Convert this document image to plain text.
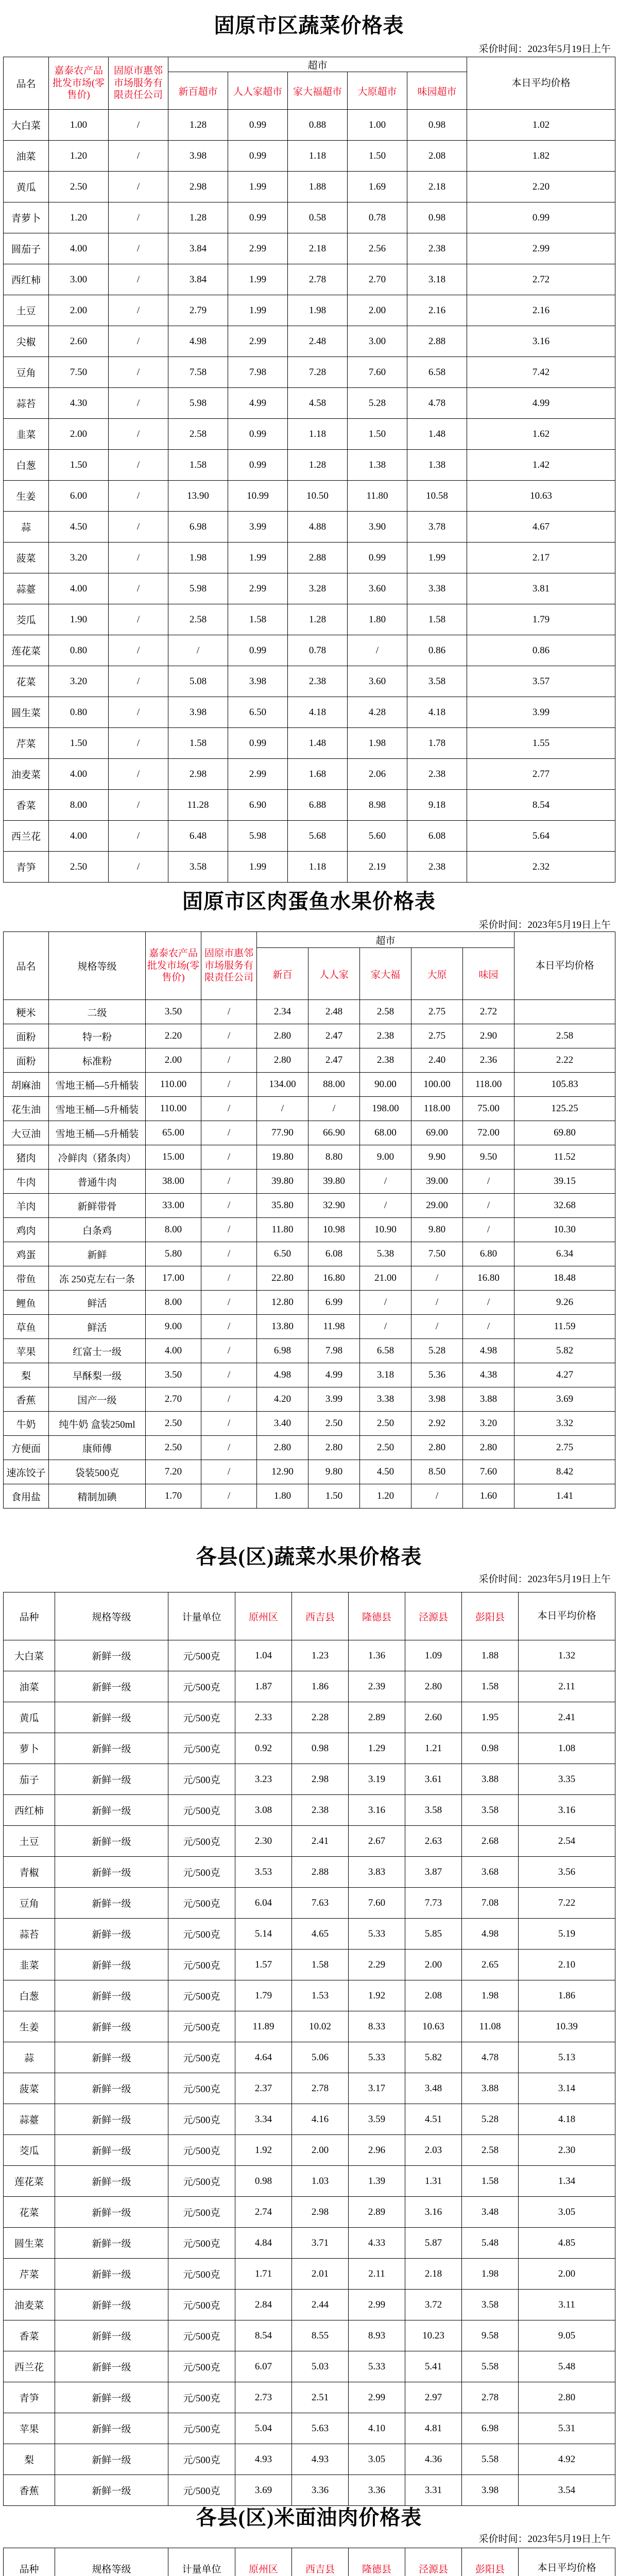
固原市区蔬菜价格表
采价时间：2023年5月19日上午
品名	嘉泰农产品批发市场(零售价)	固原市惠邻市场服务有限责任公司	超市					本日平均价格
			新百超市	人人家超市	家大福超市	大原超市	味园超市	
大白菜	1.00	/	1.28	0.99	0.88	1.00	0.98	1.02
油菜	1.20	/	3.98	0.99	1.18	1.50	2.08	1.82
黄瓜	2.50	/	2.98	1.99	1.88	1.69	2.18	2.20
青萝卜	1.20	/	1.28	0.99	0.58	0.78	0.98	0.99
圆茄子	4.00	/	3.84	2.99	2.18	2.56	2.38	2.99
西红柿	3.00	/	3.84	1.99	2.78	2.70	3.18	2.72
土豆	2.00	/	2.79	1.99	1.98	2.00	2.16	2.16
尖椒	2.60	/	4.98	2.99	2.48	3.00	2.88	3.16
豆角	7.50	/	7.58	7.98	7.28	7.60	6.58	7.42
蒜苔	4.30	/	5.98	4.99	4.58	5.28	4.78	4.99
韭菜	2.00	/	2.58	0.99	1.18	1.50	1.48	1.62
白葱	1.50	/	1.58	0.99	1.28	1.38	1.38	1.42
生姜	6.00	/	13.90	10.99	10.50	11.80	10.58	10.63
蒜	4.50	/	6.98	3.99	4.88	3.90	3.78	4.67
菠菜	3.20	/	1.98	1.99	2.88	0.99	1.99	2.17
蒜薹	4.00	/	5.98	2.99	3.28	3.60	3.38	3.81
茭瓜	1.90	/	2.58	1.58	1.28	1.80	1.58	1.79
莲花菜	0.80	/	/	0.99	0.78	/	0.86	0.86
花菜	3.20	/	5.08	3.98	2.38	3.60	3.58	3.57
圆生菜	0.80	/	3.98	6.50	4.18	4.28	4.18	3.99
芹菜	1.50	/	1.58	0.99	1.48	1.98	1.78	1.55
油麦菜	4.00	/	2.98	2.99	1.68	2.06	2.38	2.77
香菜	8.00	/	11.28	6.90	6.88	8.98	9.18	8.54
西兰花	4.00	/	6.48	5.98	5.68	5.60	6.08	5.64
青笋	2.50	/	3.58	1.99	1.18	2.19	2.38	2.32
固原市区肉蛋鱼水果价格表
采价时间：2023年5月19日上午
品名	规格等级	嘉泰农产品批发市场(零售价)	固原市惠邻市场服务有限责任公司	超市					本日平均价格
				新百	人人家	家大福	大原	味园	
粳米	二级	3.50	/	2.34	2.48	2.58	2.75	2.72	
面粉	特一粉	2.20	/	2.80	2.47	2.38	2.75	2.90	2.58
面粉	标准粉	2.00	/	2.80	2.47	2.38	2.40	2.36	2.22
胡麻油	雪地王桶—5升桶装	110.00	/	134.00	88.00	90.00	100.00	118.00	105.83
花生油	雪地王桶—5升桶装	110.00	/	/	/	198.00	118.00	75.00	125.25
大豆油	雪地王桶—5升桶装	65.00	/	77.90	66.90	68.00	69.00	72.00	69.80
猪肉	冷鲜肉（猪条肉）	15.00	/	19.80	8.80	9.00	9.90	9.50	11.52
牛肉	普通牛肉	38.00	/	39.80	39.80	/	39.00	/	39.15
羊肉	新鲜带骨	33.00	/	35.80	32.90	/	29.00	/	32.68
鸡肉	白条鸡	8.00	/	11.80	10.98	10.90	9.80	/	10.30
鸡蛋	新鲜	5.80	/	6.50	6.08	5.38	7.50	6.80	6.34
带鱼	冻 250克左右一条	17.00	/	22.80	16.80	21.00	/	16.80	18.48
鲤鱼	鲜活	8.00	/	12.80	6.99	/	/	/	9.26
草鱼	鲜活	9.00	/	13.80	11.98	/	/	/	11.59
苹果	红富士一级	4.00	/	6.98	7.98	6.58	5.28	4.98	5.82
梨	早酥梨一级	3.50	/	4.98	4.99	3.18	5.36	4.38	4.27
香蕉	国产一级	2.70	/	4.20	3.99	3.38	3.98	3.88	3.69
牛奶	纯牛奶 盒装250ml	2.50	/	3.40	2.50	2.50	2.92	3.20	3.32
方便面	康师傅	2.50	/	2.80	2.80	2.50	2.80	2.80	2.75
速冻饺子	袋装500克	7.20	/	12.90	9.80	4.50	8.50	7.60	8.42
食用盐	精制加碘	1.70	/	1.80	1.50	1.20	/	1.60	1.41
各县(区)蔬菜水果价格表
采价时间：2023年5月19日上午
品种	规格等级	计量单位	原州区	西吉县	隆德县	泾源县	彭阳县	本日平均价格
大白菜	新鲜一级	元/500克	1.04	1.23	1.36	1.09	1.88	1.32
油菜	新鲜一级	元/500克	1.87	1.86	2.39	2.80	1.58	2.11
黄瓜	新鲜一级	元/500克	2.33	2.28	2.89	2.60	1.95	2.41
萝卜	新鲜一级	元/500克	0.92	0.98	1.29	1.21	0.98	1.08
茄子	新鲜一级	元/500克	3.23	2.98	3.19	3.61	3.88	3.35
西红柿	新鲜一级	元/500克	3.08	2.38	3.16	3.58	3.58	3.16
土豆	新鲜一级	元/500克	2.30	2.41	2.67	2.63	2.68	2.54
青椒	新鲜一级	元/500克	3.53	2.88	3.83	3.87	3.68	3.56
豆角	新鲜一级	元/500克	6.04	7.63	7.60	7.73	7.08	7.22
蒜苔	新鲜一级	元/500克	5.14	4.65	5.33	5.85	4.98	5.19
韭菜	新鲜一级	元/500克	1.57	1.58	2.29	2.00	2.65	2.10
白葱	新鲜一级	元/500克	1.79	1.53	1.92	2.08	1.98	1.86
生姜	新鲜一级	元/500克	11.89	10.02	8.33	10.63	11.08	10.39
蒜	新鲜一级	元/500克	4.64	5.06	5.33	5.82	4.78	5.13
菠菜	新鲜一级	元/500克	2.37	2.78	3.17	3.48	3.88	3.14
蒜薹	新鲜一级	元/500克	3.34	4.16	3.59	4.51	5.28	4.18
茭瓜	新鲜一级	元/500克	1.92	2.00	2.96	2.03	2.58	2.30
莲花菜	新鲜一级	元/500克	0.98	1.03	1.39	1.31	1.58	1.34
花菜	新鲜一级	元/500克	2.74	2.98	2.89	3.16	3.48	3.05
圆生菜	新鲜一级	元/500克	4.84	3.71	4.33	5.87	5.48	4.85
芹菜	新鲜一级	元/500克	1.71	2.01	2.11	2.18	1.98	2.00
油麦菜	新鲜一级	元/500克	2.84	2.44	2.99	3.72	3.58	3.11
香菜	新鲜一级	元/500克	8.54	8.55	8.93	10.23	9.58	9.05
西兰花	新鲜一级	元/500克	6.07	5.03	5.33	5.41	5.58	5.48
青笋	新鲜一级	元/500克	2.73	2.51	2.99	2.97	2.78	2.80
苹果	新鲜一级	元/500克	5.04	5.63	4.10	4.81	6.98	5.31
梨	新鲜一级	元/500克	4.93	4.93	3.05	4.36	5.58	4.92
香蕉	新鲜一级	元/500克	3.69	3.36	3.36	3.31	3.98	3.54
各县(区)米面油肉价格表
采价时间：2023年5月19日上午
品种	规格等级	计量单位	原州区	西吉县	隆德县	泾源县	彭阳县	本日平均价格
